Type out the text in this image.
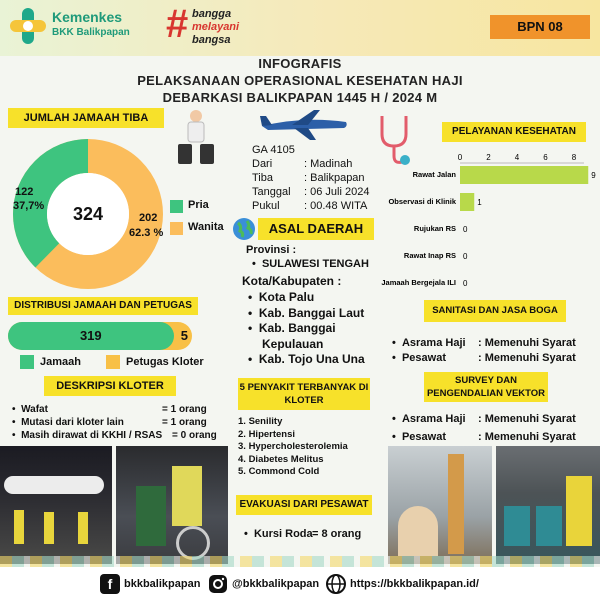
Kemenkes
BKK Balikpapan # bangga
melayani
bangsa
BPN 08
INFOGRAFIS
PELAKSANAAN OPERASIONAL KESEHATAN HAJI
DEBARKASI BALIKPAPAN 1445 H / 2024 M
JUMLAH JAMAAH TIBA
324
122
37,7%
202
62.3 %
Pria
Wanita
GA 4105
Dari	: Madinah
Tiba	: Balikpapan
Tanggal	: 06 Juli 2024
Pukul	: 00.48 WITA
ASAL DAERAH
Provinsi :
•  SULAWESI TENGAH
Kota/Kabupaten :
•  Kota Palu
•  Kab. Banggai Laut
•  Kab. Banggai
Kepulauan
•  Kab. Tojo Una Una
PELAYANAN KESEHATAN
0	2	4	6	8
Rawat Jalan	9
Observasi di Klinik	1
Rujukan RS 0
Rawat Inap RS 0
Jamaah Bergejala ILI 0
DISTRIBUSI JAMAAH DAN PETUGAS
319	5
Jamaah	Petugas Kloter
DESKRIPSI KLOTER
•  Wafat	= 1 orang
•  Mutasi dari kloter lain	= 1 orang
•  Masih dirawat di KKHI / RSAS = 0 orang
5 PENYAKIT TERBANYAK DI KLOTER
1. Senility
2. Hipertensi
3. Hypercholesterolemia
4. Diabetes Melitus
5. Commond Cold
EVAKUASI DARI PESAWAT
•  Kursi Roda = 8 orang
SANITASI DAN JASA BOGA
•  Asrama Haji	: Memenuhi Syarat
•  Pesawat	: Memenuhi Syarat
SURVEY DAN
PENGENDALIAN VEKTOR
•  Asrama Haji	: Memenuhi Syarat
•  Pesawat	: Memenuhi Syarat
f	bkkbalikpapan	@bkkbalikpapan	https://bkkbalikpapan.id/
